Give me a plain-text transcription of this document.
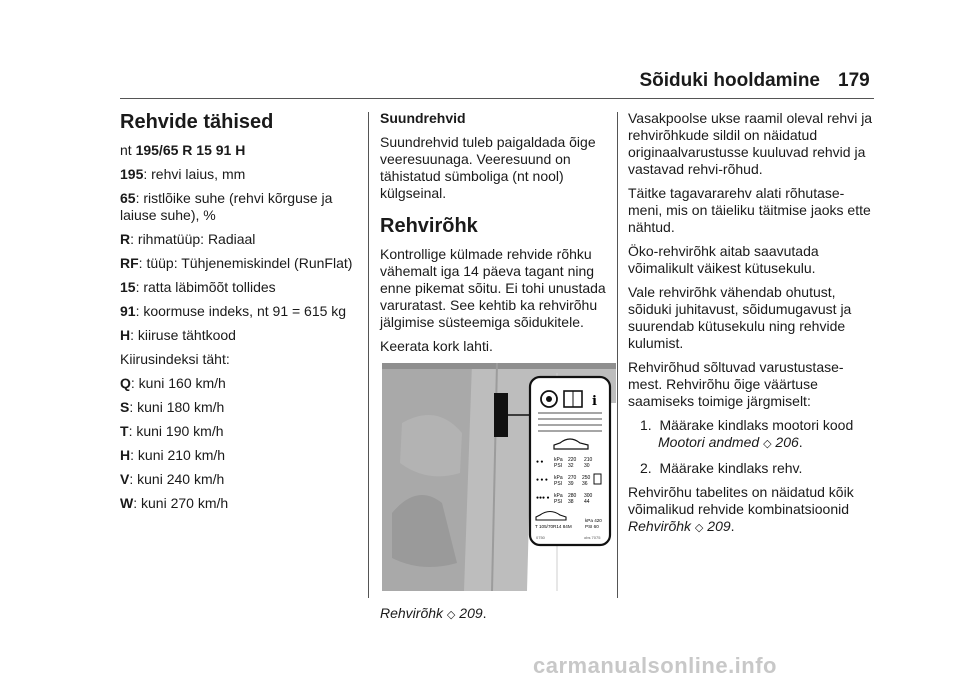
Sõiduki hooldamine 179
Rehvide tähised

nt 195/65 R 15 91 H

195: rehvi laius, mm

65: ristlõike suhe (rehvi kõrguse ja laiuse suhe), %

R: rihmatüüp: Radiaal

RF: tüüp: Tühjenemiskindel (RunFlat)

15: ratta läbimõõt tollides

91: koormuse indeks, nt 91 = 615 kg

H: kiiruse tähtkood

Kiirusindeksi täht:

Q: kuni 160 km/h

S: kuni 180 km/h

T: kuni 190 km/h

H: kuni 210 km/h

V: kuni 240 km/h

W: kuni 270 km/h

Suundrehvid

Suundrehvid tuleb paigaldada õige veeresuunaga. Veeresuund on tähistatud sümboliga (nt nool) külgseinal.

Rehvirõhk

Kontrollige külmade rehvide rõhku vähemalt iga 14 päeva tagant ning enne pikemat sõitu. Ei tohi unustada varuratast. See kehtib ka rehvirõhu jälgimise süsteemiga sõidukitele.

Keerata kork lahti.

i
● ● kPa
PSI
220 210
32 30
● ● ● kPa
PSI
270 250
39 36
●●● ● kPa
PSI
280 300
38 44
T 105/70R14 84M
kPa 420
PSI 60
0750	obs 7075

Rehvirõhk ◇ 209.

Vasakpoolse ukse raamil oleval rehvi ja rehvirõhkude sildil on näidatud originaalvarustusse kuuluvad rehvid ja vastavad rehvi-rõhud.

Täitke tagavararehv alati rõhutase-meni, mis on täieliku täitmise jaoks ette nähtud.

Öko-rehvirõhk aitab saavutada võimalikult väikest kütusekulu.

Vale rehvirõhk vähendab ohutust, sõiduki juhitavust, sõidumugavust ja suurendab kütusekulu ning rehvide kulumist.

Rehvirõhud sõltuvad varustustase-mest. Rehvirõhu õige väärtuse saamiseks toimige järgmiselt:

1. Määrake kindlaks mootori kood
Mootori andmed ◇ 206.
2. Määrake kindlaks rehv.

Rehvirõhu tabelites on näidatud kõik võimalikud rehvide kombinatsioonid
Rehvirõhk ◇ 209.

carmanualsonline.info
